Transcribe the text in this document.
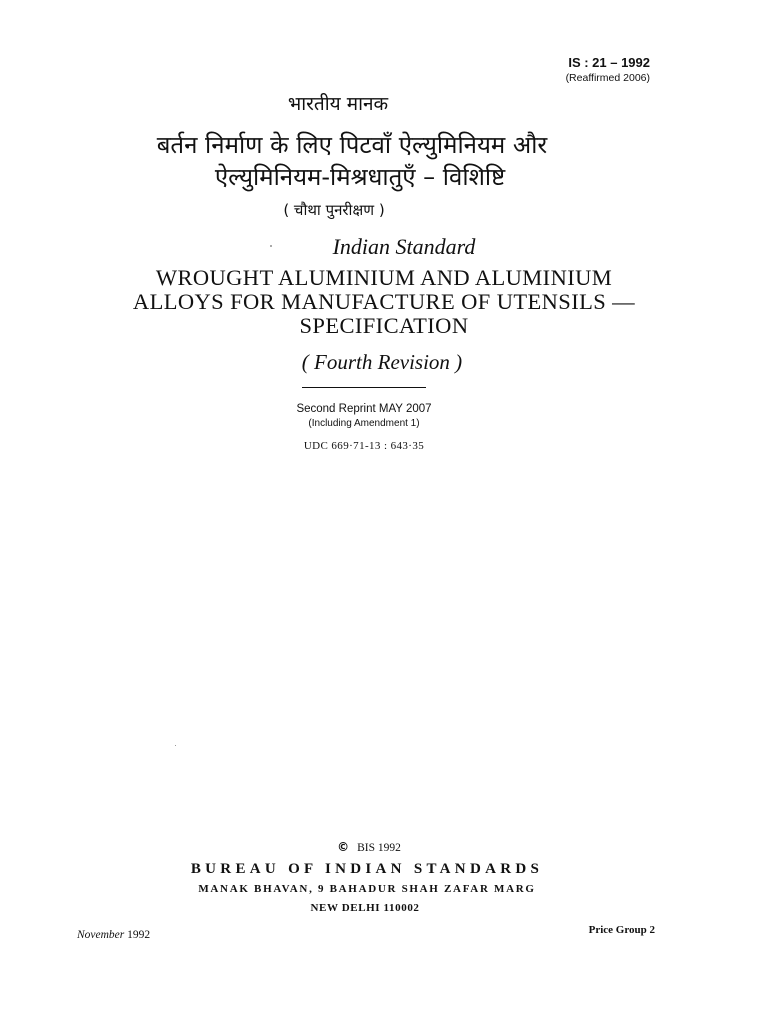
IS : 21 – 1992
(Reaffirmed 2006)
भारतीय मानक
बर्तन निर्माण के लिए पिटवाँ ऐल्युमिनियम और
ऐल्युमिनियम-मिश्रधातुएँ – विशिष्टि
( चौथा पुनरीक्षण )
Indian Standard
WROUGHT ALUMINIUM AND ALUMINIUM
ALLOYS FOR MANUFACTURE OF UTENSILS —
SPECIFICATION
( Fourth Revision )
Second Reprint MAY 2007
(Including Amendment 1)
UDC 669·71-13 : 643·35
© BIS 1992
BUREAU OF INDIAN STANDARDS
MANAK BHAVAN, 9 BAHADUR SHAH ZAFAR MARG
NEW DELHI 110002
November 1992	Price Group 2
